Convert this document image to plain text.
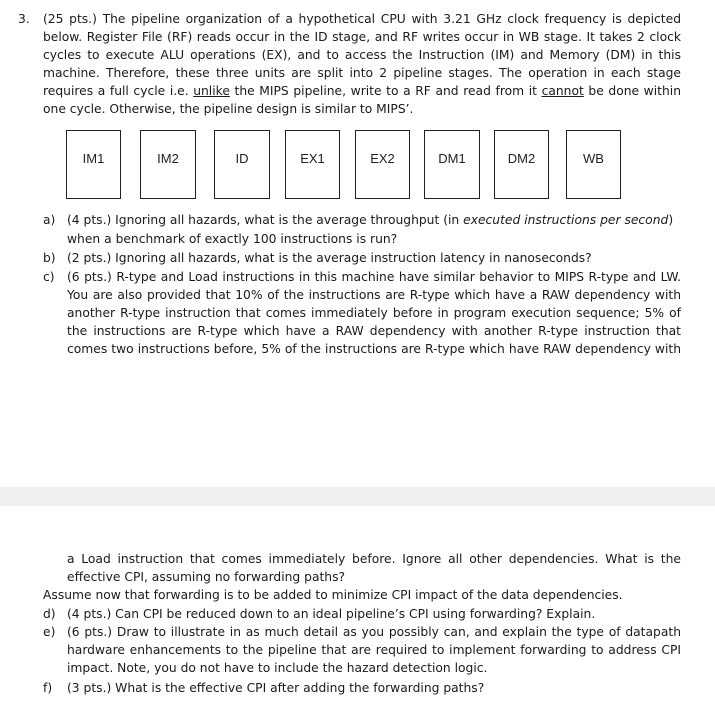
3. (25 pts.) The pipeline organization of a hypothetical CPU with 3.21 GHz clock frequency is depicted
below. Register File (RF) reads occur in the ID stage, and RF writes occur in WB stage. It takes 2 clock
cycles to execute ALU operations (EX), and to access the Instruction (IM) and Memory (DM) in this
machine. Therefore, these three units are split into 2 pipeline stages. The operation in each stage
requires a full cycle i.e. unlike the MIPS pipeline, write to a RF and read from it cannot be done within
one cycle. Otherwise, the pipeline design is similar to MIPS’.
IM1	IM2	ID	EX1	EX2	DM1	DM2	WB
a) (4 pts.) Ignoring all hazards, what is the average throughput (in executed instructions per second)
when a benchmark of exactly 100 instructions is run?
b) (2 pts.) Ignoring all hazards, what is the average instruction latency in nanoseconds?
c) (6 pts.) R-type and Load instructions in this machine have similar behavior to MIPS R-type and LW.
You are also provided that 10% of the instructions are R-type which have a RAW dependency with
another R-type instruction that comes immediately before in program execution sequence; 5% of
the instructions are R-type which have a RAW dependency with another R-type instruction that
comes two instructions before, 5% of the instructions are R-type which have RAW dependency with
a Load instruction that comes immediately before. Ignore all other dependencies. What is the
effective CPI, assuming no forwarding paths?
Assume now that forwarding is to be added to minimize CPI impact of the data dependencies.
d) (4 pts.) Can CPI be reduced down to an ideal pipeline’s CPI using forwarding? Explain.
e) (6 pts.) Draw to illustrate in as much detail as you possibly can, and explain the type of datapath
hardware enhancements to the pipeline that are required to implement forwarding to address CPI
impact. Note, you do not have to include the hazard detection logic.
f) (3 pts.) What is the effective CPI after adding the forwarding paths?
